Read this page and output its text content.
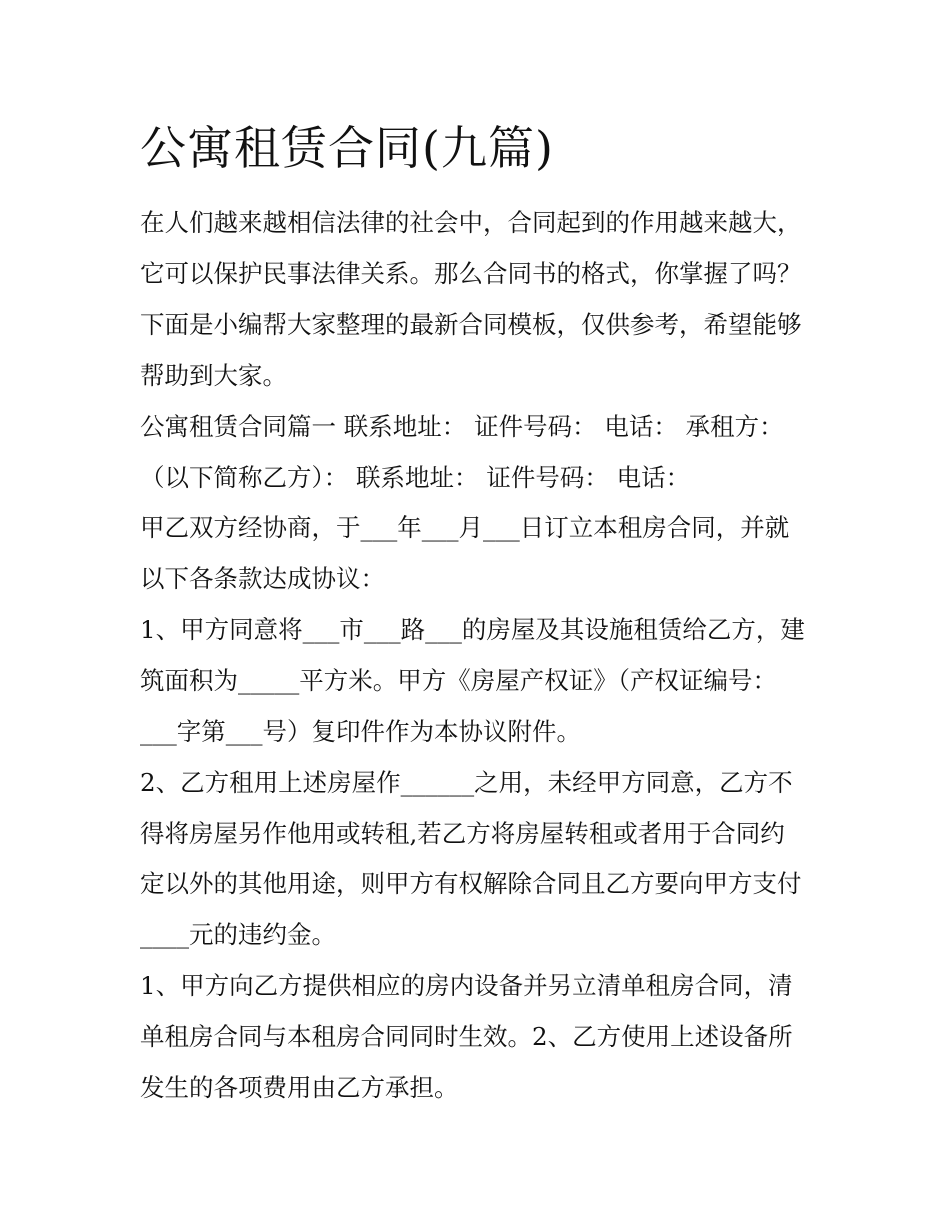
公寓租赁合同(九篇)

在人们越来越相信法律的社会中，合同起到的作用越来越大，

它可以保护民事法律关系。那么合同书的格式，你掌握了吗？

下面是小编帮大家整理的最新合同模板，仅供参考，希望能够

帮助到大家。

公寓租赁合同篇一 联系地址： 证件号码： 电话： 承租方：

（以下简称乙方）： 联系地址： 证件号码： 电话：

甲乙双方经协商，于___年___月___日订立本租房合同，并就

以下各条款达成协议：

1、甲方同意将___市___路___的房屋及其设施租赁给乙方，建

筑面积为_____平方米。甲方《房屋产权证》（产权证编号：

___字第___号）复印件作为本协议附件。

2、乙方租用上述房屋作______之用，未经甲方同意，乙方不

得将房屋另作他用或转租,若乙方将房屋转租或者用于合同约

定以外的其他用途，则甲方有权解除合同且乙方要向甲方支付

____元的违约金。

1、甲方向乙方提供相应的房内设备并另立清单租房合同，清

单租房合同与本租房合同同时生效。2、乙方使用上述设备所

发生的各项费用由乙方承担。
